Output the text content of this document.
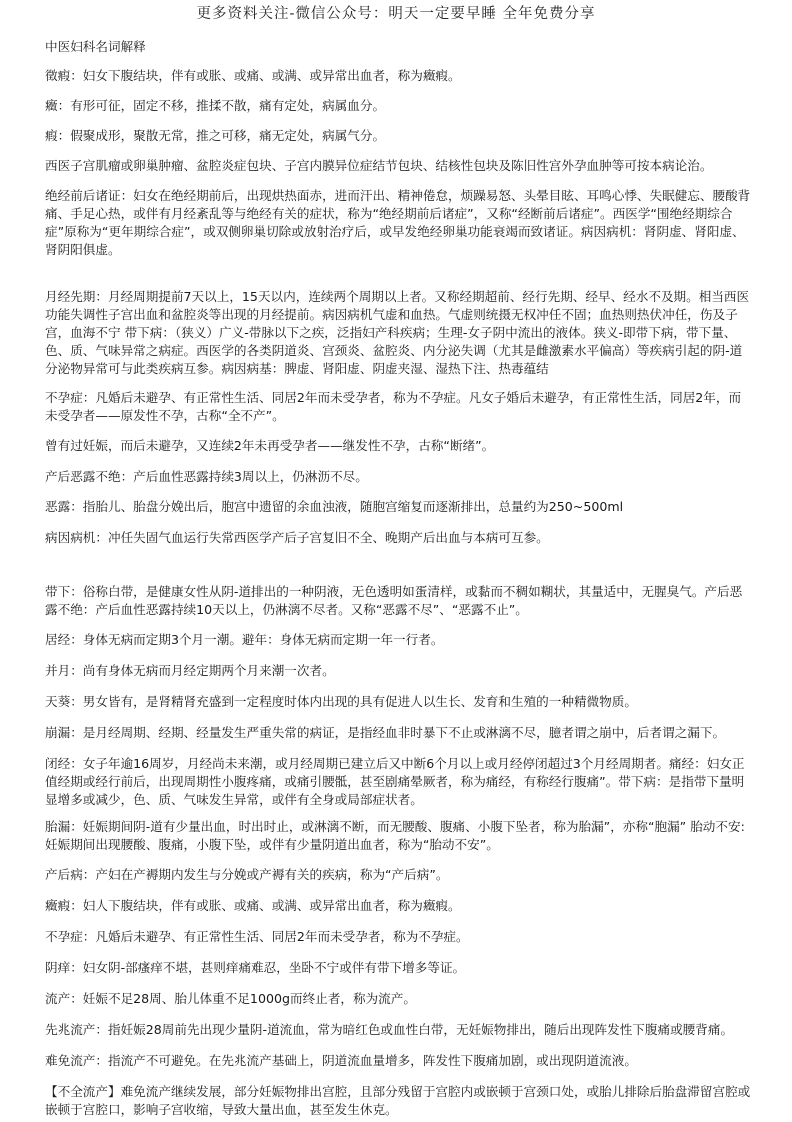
更多资料关注-微信公众号：明天一定要早睡 全年免费分享

中医妇科名词解释

徵瘕：妇女下腹结块，伴有或胀、或痛、或满、或异常出血者，称为癥瘕。

癥：有形可征，固定不移，推揉不散，痛有定处，病属血分。

瘕：假聚成形，聚散无常，推之可移，痛无定处，病属气分。

西医子宫肌瘤或卵巢肿瘤、盆腔炎症包块、子宫内膜异位症结节包块、结核性包块及陈旧性宫外孕血肿等可按本病论治。

绝经前后诸证：妇女在绝经期前后，出现烘热面赤，进而汗出、精神倦怠，烦躁易怒、头晕目眩、耳鸣心悸、失眠健忘、腰酸背痛、手足心热，或伴有月经紊乱等与绝经有关的症状，称为“绝经期前后诸症”，又称“经断前后诸症”。西医学“围绝经期综合症”原称为“更年期综合症”，或双侧卵巢切除或放射治疗后，或早发绝经卵巢功能衰竭而致诸证。病因病机：肾阴虚、肾阳虚、肾阴阳俱虚。

月经先期：月经周期提前7天以上，15天以内，连续两个周期以上者。又称经期超前、经行先期、经早、经水不及期。相当西医功能失调性子宫出血和盆腔炎等出现的月经提前。病因病机气虚和血热。气虚则统摄无权冲任不固；血热则热伏冲任，伤及子宫，血海不宁 带下病：（狭义）广义-带脉以下之疾，泛指妇产科疾病；生理-女子阴中流出的液体。狭义-即带下病，带下量、色、质、气味异常之病症。西医学的各类阴道炎、宫颈炎、盆腔炎、内分泌失调（尤其是雌激素水平偏高）等疾病引起的阴-道分泌物异常可与此类疾病互参。病因病基：脾虚、肾阳虚、阴虚夹湿、湿热下注、热毒蕴结

不孕症：凡婚后未避孕、有正常性生活、同居2年而未受孕者，称为不孕症。凡女子婚后未避孕，有正常性生活，同居2年，而未受孕者——原发性不孕，古称“全不产”。

曾有过妊娠，而后未避孕，又连续2年未再受孕者——继发性不孕，古称“断绪”。

产后恶露不绝：产后血性恶露持续3周以上，仍淋沥不尽。

恶露：指胎儿、胎盘分娩出后，胞宫中遗留的余血浊液，随胞宫缩复而逐渐排出，总量约为250~500ml

病因病机：冲任失固气血运行失常西医学产后子宫复旧不全、晚期产后出血与本病可互参。

带下：俗称白带，是健康女性从阴-道排出的一种阴液，无色透明如蛋清样，或黏而不稠如糊状，其量适中，无腥臭气。产后恶露不绝：产后血性恶露持续10天以上，仍淋漓不尽者。又称“恶露不尽”、“恶露不止”。

居经：身体无病而定期3个月一潮。避年：身体无病而定期一年一行者。

并月：尚有身体无病而月经定期两个月来潮一次者。

天葵：男女皆有，是肾精肾充盛到一定程度时体内出现的具有促进人以生长、发育和生殖的一种精微物质。

崩漏：是月经周期、经期、经量发生严重失常的病证，是指经血非时暴下不止或淋漓不尽，臆者谓之崩中，后者谓之漏下。

闭经：女子年逾16周岁，月经尚未来潮，或月经周期已建立后又中断6个月以上或月经停闭超过3个月经周期者。痛经：妇女正值经期或经行前后，出现周期性小腹疼痛，或痛引腰骶，甚至剧痛晕厥者，称为痛经，有称经行腹痛”。带下病：是指带下量明显增多或减少，色、质、气味发生异常，或伴有全身或局部症状者。

胎漏：妊娠期间阴-道有少量出血，时出时止，或淋漓不断，而无腰酸、腹痛、小腹下坠者，称为胎漏”，亦称“胞漏” 胎动不安:妊娠期间出现腰酸、腹痛，小腹下坠，或伴有少量阴道出血者，称为“胎动不安”。

产后病：产妇在产褥期内发生与分娩或产褥有关的疾病，称为“产后病”。

癥瘕：妇人下腹结块，伴有或胀、或痛、或满、或异常出血者，称为癥瘕。

不孕症：凡婚后未避孕、有正常性生活、同居2年而未受孕者，称为不孕症。

阴痒：妇女阴-部瘙痒不堪，甚则痒痛难忍，坐卧不宁或伴有带下增多等证。

流产：妊娠不足28周、胎儿体重不足1000g而终止者，称为流产。

先兆流产：指妊娠28周前先出现少量阴-道流血，常为暗红色或血性白带，无妊娠物排出，随后出现阵发性下腹痛或腰背痛。

难免流产：指流产不可避免。在先兆流产基础上，阴道流血量增多，阵发性下腹痛加剧，或出现阴道流液。

【不全流产】难免流产继续发展，部分妊娠物排出宫腔，且部分残留于宫腔内或嵌顿于宫颈口处，或胎儿排除后胎盘滞留宫腔或嵌顿于宫腔口，影响子宫收缩，导致大量出血，甚至发生休克。
